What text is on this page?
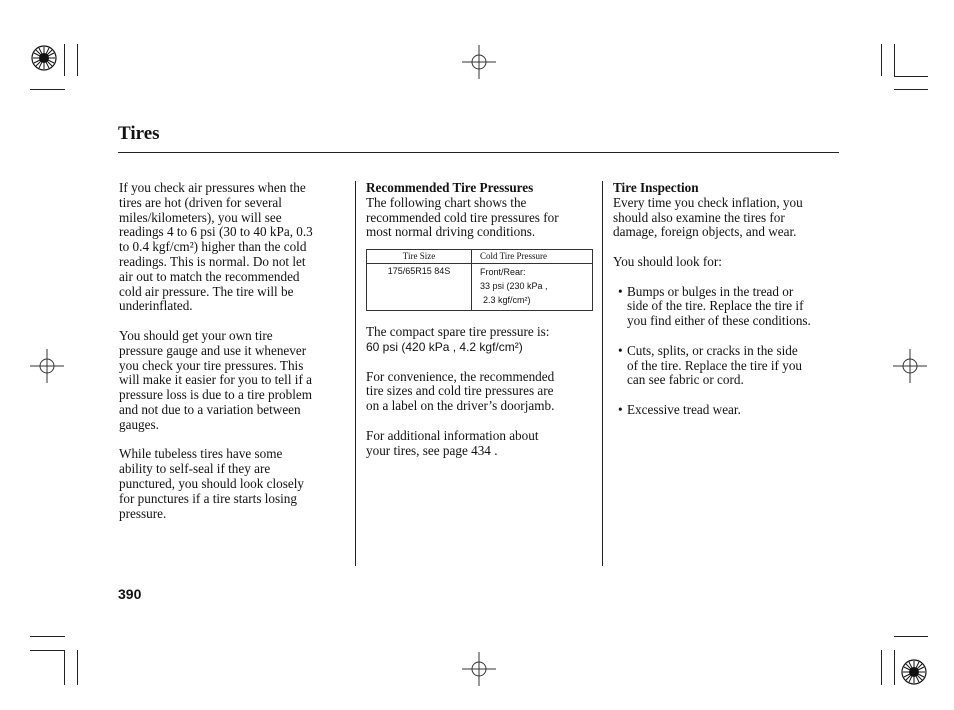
Tires

If you check air pressures when the
tires are hot (driven for several
miles/kilometers), you will see
readings 4 to 6 psi (30 to 40 kPa, 0.3
to 0.4 kgf/cm²) higher than the cold
readings. This is normal. Do not let
air out to match the recommended
cold air pressure. The tire will be
underinflated.

You should get your own tire
pressure gauge and use it whenever
you check your tire pressures. This
will make it easier for you to tell if a
pressure loss is due to a tire problem
and not due to a variation between
gauges.

While tubeless tires have some
ability to self-seal if they are
punctured, you should look closely
for punctures if a tire starts losing
pressure.

Recommended Tire Pressures

The following chart shows the
recommended cold tire pressures for
most normal driving conditions.

Tire Size	Cold Tire Pressure
175/65R15 84S	Front/Rear:
33 psi (230 kPa ,
2.3 kgf/cm²)

The compact spare tire pressure is:

60 psi (420 kPa , 4.2 kgf/cm²)

For convenience, the recommended
tire sizes and cold tire pressures are
on a label on the driver’s doorjamb.

For additional information about
your tires, see page 434 .

Tire Inspection

Every time you check inflation, you
should also examine the tires for
damage, foreign objects, and wear.

You should look for:

• Bumps or bulges in the tread or
side of the tire. Replace the tire if
you find either of these conditions.

• Cuts, splits, or cracks in the side
of the tire. Replace the tire if you
can see fabric or cord.

• Excessive tread wear.

390
